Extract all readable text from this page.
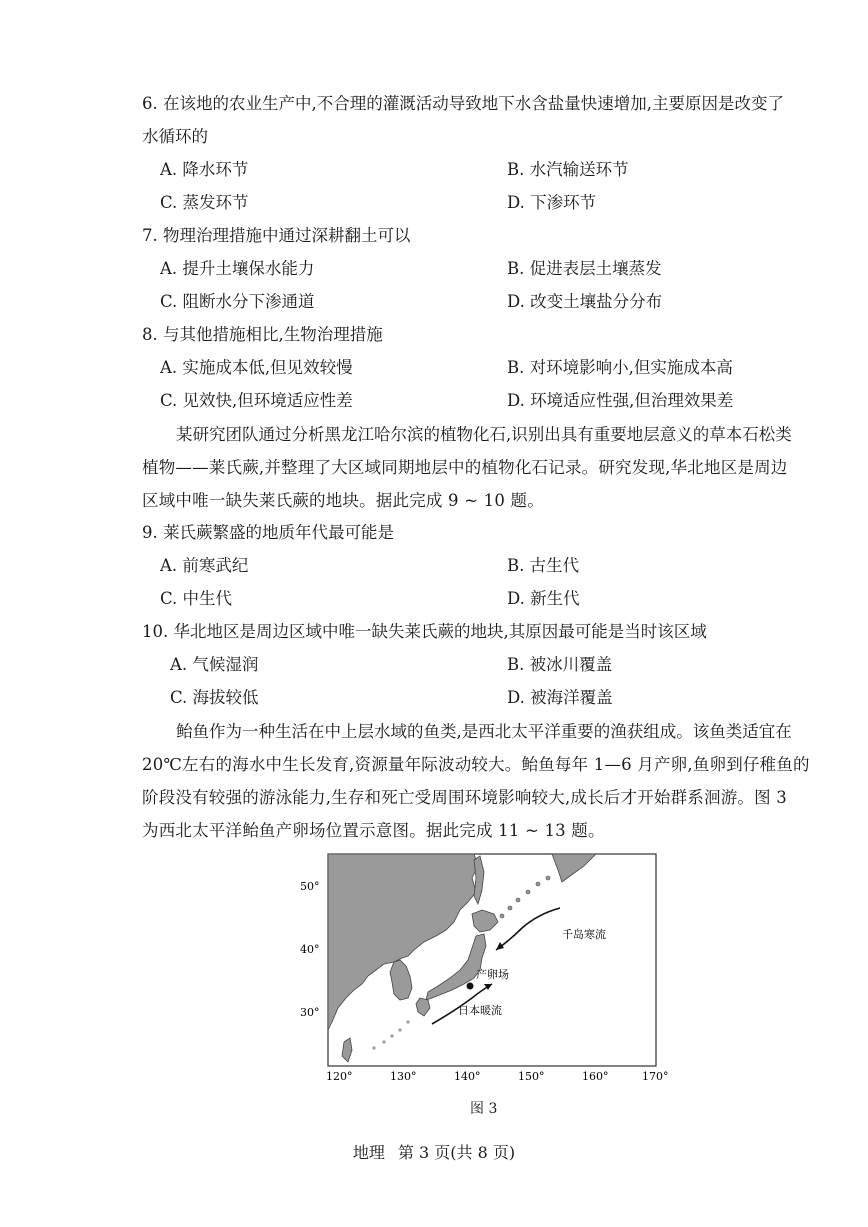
6. 在该地的农业生产中,不合理的灌溉活动导致地下水含盐量快速增加,主要原因是改变了
水循环的
A. 降水环节	B. 水汽输送环节
C. 蒸发环节	D. 下渗环节
7. 物理治理措施中通过深耕翻土可以
A. 提升土壤保水能力	B. 促进表层土壤蒸发
C. 阻断水分下渗通道	D. 改变土壤盐分分布
8. 与其他措施相比,生物治理措施
A. 实施成本低,但见效较慢	B. 对环境影响小,但实施成本高
C. 见效快,但环境适应性差	D. 环境适应性强,但治理效果差
某研究团队通过分析黑龙江哈尔滨的植物化石,识别出具有重要地层意义的草本石松类
植物——莱氏蕨,并整理了大区域同期地层中的植物化石记录。研究发现,华北地区是周边
区域中唯一缺失莱氏蕨的地块。据此完成 9 ~ 10 题。
9. 莱氏蕨繁盛的地质年代最可能是
A. 前寒武纪	B. 古生代
C. 中生代	D. 新生代
10. 华北地区是周边区域中唯一缺失莱氏蕨的地块,其原因最可能是当时该区域
A. 气候湿润	B. 被冰川覆盖
C. 海拔较低	D. 被海洋覆盖
鲐鱼作为一种生活在中上层水域的鱼类,是西北太平洋重要的渔获组成。该鱼类适宜在
20℃左右的海水中生长发育,资源量年际波动较大。鲐鱼每年 1—6 月产卵,鱼卵到仔稚鱼的
阶段没有较强的游泳能力,生存和死亡受周围环境影响较大,成长后才开始群系洄游。图 3
为西北太平洋鲐鱼产卵场位置示意图。据此完成 11 ~ 13 题。
千岛寒流
产卵场
日本暖流
50°
40°
30°
120°	130°	140°	150°	160°	170°
图 3
地理 第 3 页(共 8 页)
